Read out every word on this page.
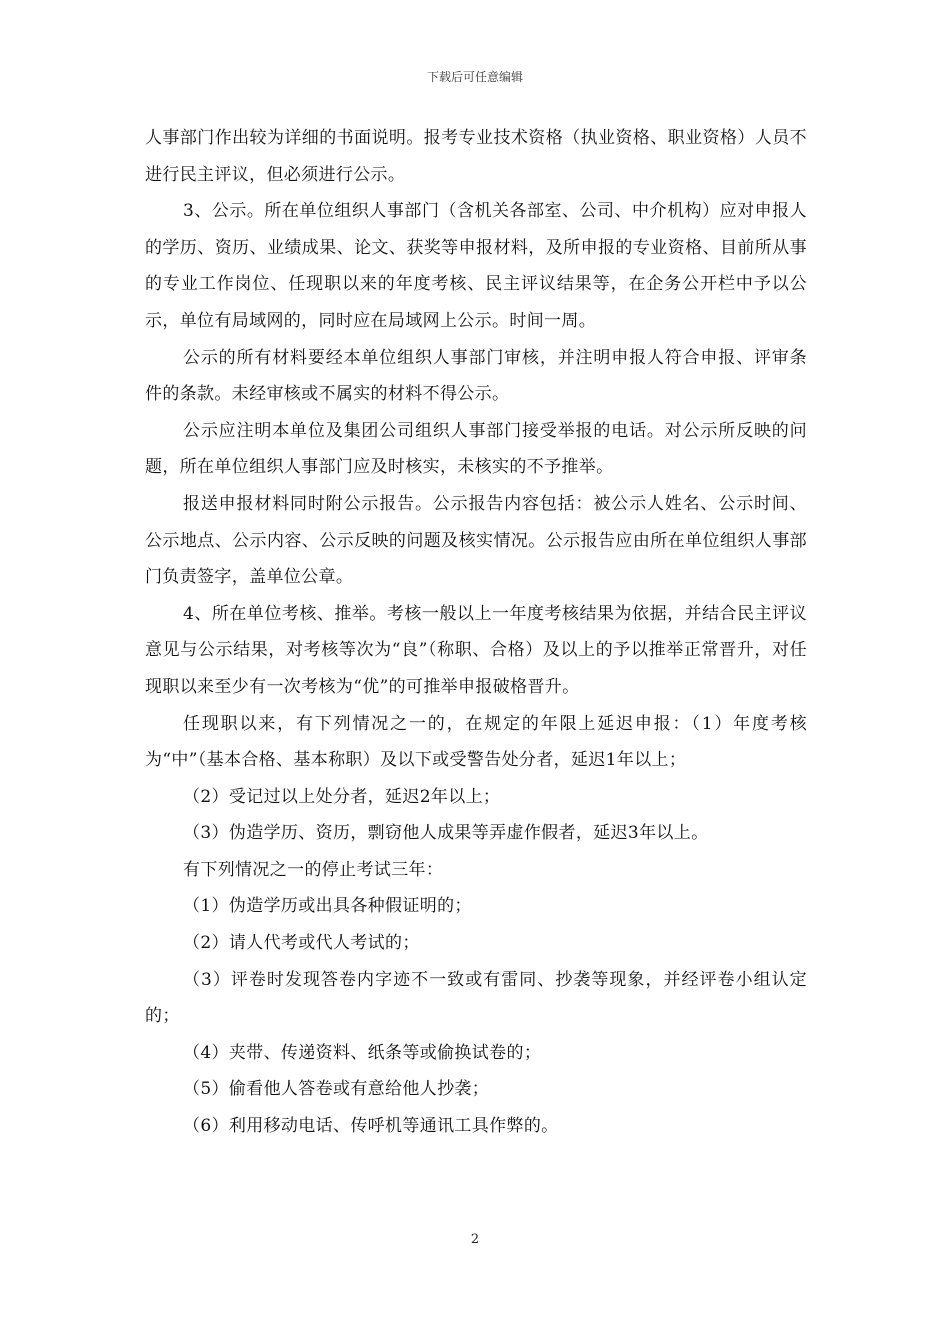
下载后可任意编辑

人事部门作出较为详细的书面说明。报考专业技术资格（执业资格、职业资格）人员不进行民主评议，但必须进行公示。

3、公示。所在单位组织人事部门（含机关各部室、公司、中介机构）应对申报人的学历、资历、业绩成果、论文、获奖等申报材料，及所申报的专业资格、目前所从事的专业工作岗位、任现职以来的年度考核、民主评议结果等，在企务公开栏中予以公示，单位有局域网的，同时应在局域网上公示。时间一周。

公示的所有材料要经本单位组织人事部门审核，并注明申报人符合申报、评审条件的条款。未经审核或不属实的材料不得公示。

公示应注明本单位及集团公司组织人事部门接受举报的电话。对公示所反映的问题，所在单位组织人事部门应及时核实，未核实的不予推举。

报送申报材料同时附公示报告。公示报告内容包括：被公示人姓名、公示时间、公示地点、公示内容、公示反映的问题及核实情况。公示报告应由所在单位组织人事部门负责签字，盖单位公章。

4、所在单位考核、推举。考核一般以上一年度考核结果为依据，并结合民主评议意见与公示结果，对考核等次为“良”（称职、合格）及以上的予以推举正常晋升，对任现职以来至少有一次考核为“优”的可推举申报破格晋升。

任现职以来，有下列情况之一的，在规定的年限上延迟申报：（1）年度考核为“中”（基本合格、基本称职）及以下或受警告处分者，延迟1年以上；

（2）受记过以上处分者，延迟2年以上；

（3）伪造学历、资历，剽窃他人成果等弄虚作假者，延迟3年以上。

有下列情况之一的停止考试三年：

（1）伪造学历或出具各种假证明的；

（2）请人代考或代人考试的；

（3）评卷时发现答卷内字迹不一致或有雷同、抄袭等现象，并经评卷小组认定的；

（4）夹带、传递资料、纸条等或偷换试卷的；

（5）偷看他人答卷或有意给他人抄袭；

（6）利用移动电话、传呼机等通讯工具作弊的。

2
